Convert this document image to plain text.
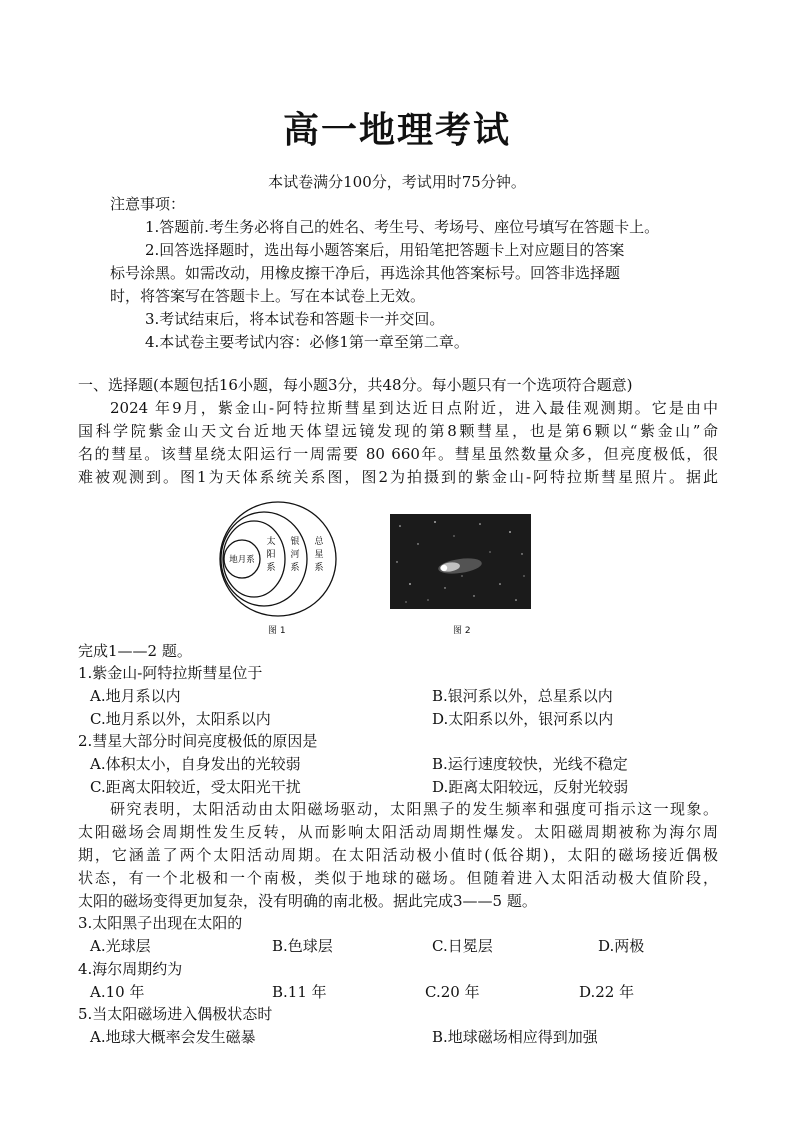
高一地理考试
本试卷满分100分，考试用时75分钟。
注意事项：
1.答题前.考生务必将自己的姓名、考生号、考场号、座位号填写在答题卡上。
2.回答选择题时，选出每小题答案后，用铅笔把答题卡上对应题目的答案
标号涂黑。如需改动，用橡皮擦干净后，再选涂其他答案标号。回答非选择题
时，将答案写在答题卡上。写在本试卷上无效。
3.考试结束后，将本试卷和答题卡一并交回。
4.本试卷主要考试内容：必修1第一章至第二章。
一、选择题(本题包括16小题，每小题3分，共48分。每小题只有一个选项符合题意)
2024 年9月，紫金山-阿特拉斯彗星到达近日点附近，进入最佳观测期。它是由中
国科学院紫金山天文台近地天体望远镜发现的第8颗彗星，也是第6颗以“紫金山”命
名的彗星。该彗星绕太阳运行一周需要 80 660年。彗星虽然数量众多，但亮度极低，很
难被观测到。图1为天体系统关系图，图2为拍摄到的紫金山-阿特拉斯彗星照片。据此
地月系
太
阳
系
银
河
系
总
星
系
图 1	图 2
完成1——2 题。
1.紫金山-阿特拉斯彗星位于
A.地月系以内	B.银河系以外，总星系以内
C.地月系以外，太阳系以内	D.太阳系以外，银河系以内
2.彗星大部分时间亮度极低的原因是
A.体积太小，自身发出的光较弱	B.运行速度较快，光线不稳定
C.距离太阳较近，受太阳光干扰	D.距离太阳较远，反射光较弱
研究表明，太阳活动由太阳磁场驱动，太阳黑子的发生频率和强度可指示这一现象。
太阳磁场会周期性发生反转，从而影响太阳活动周期性爆发。太阳磁周期被称为海尔周
期，它涵盖了两个太阳活动周期。在太阳活动极小值时(低谷期)，太阳的磁场接近偶极
状态，有一个北极和一个南极，类似于地球的磁场。但随着进入太阳活动极大值阶段，
太阳的磁场变得更加复杂，没有明确的南北极。据此完成3——5 题。
3.太阳黑子出现在太阳的
A.光球层	B.色球层	C.日冕层	D.两极
4.海尔周期约为
A.10 年	B.11 年	C.20 年	D.22 年
5.当太阳磁场进入偶极状态时
A.地球大概率会发生磁暴	B.地球磁场相应得到加强
